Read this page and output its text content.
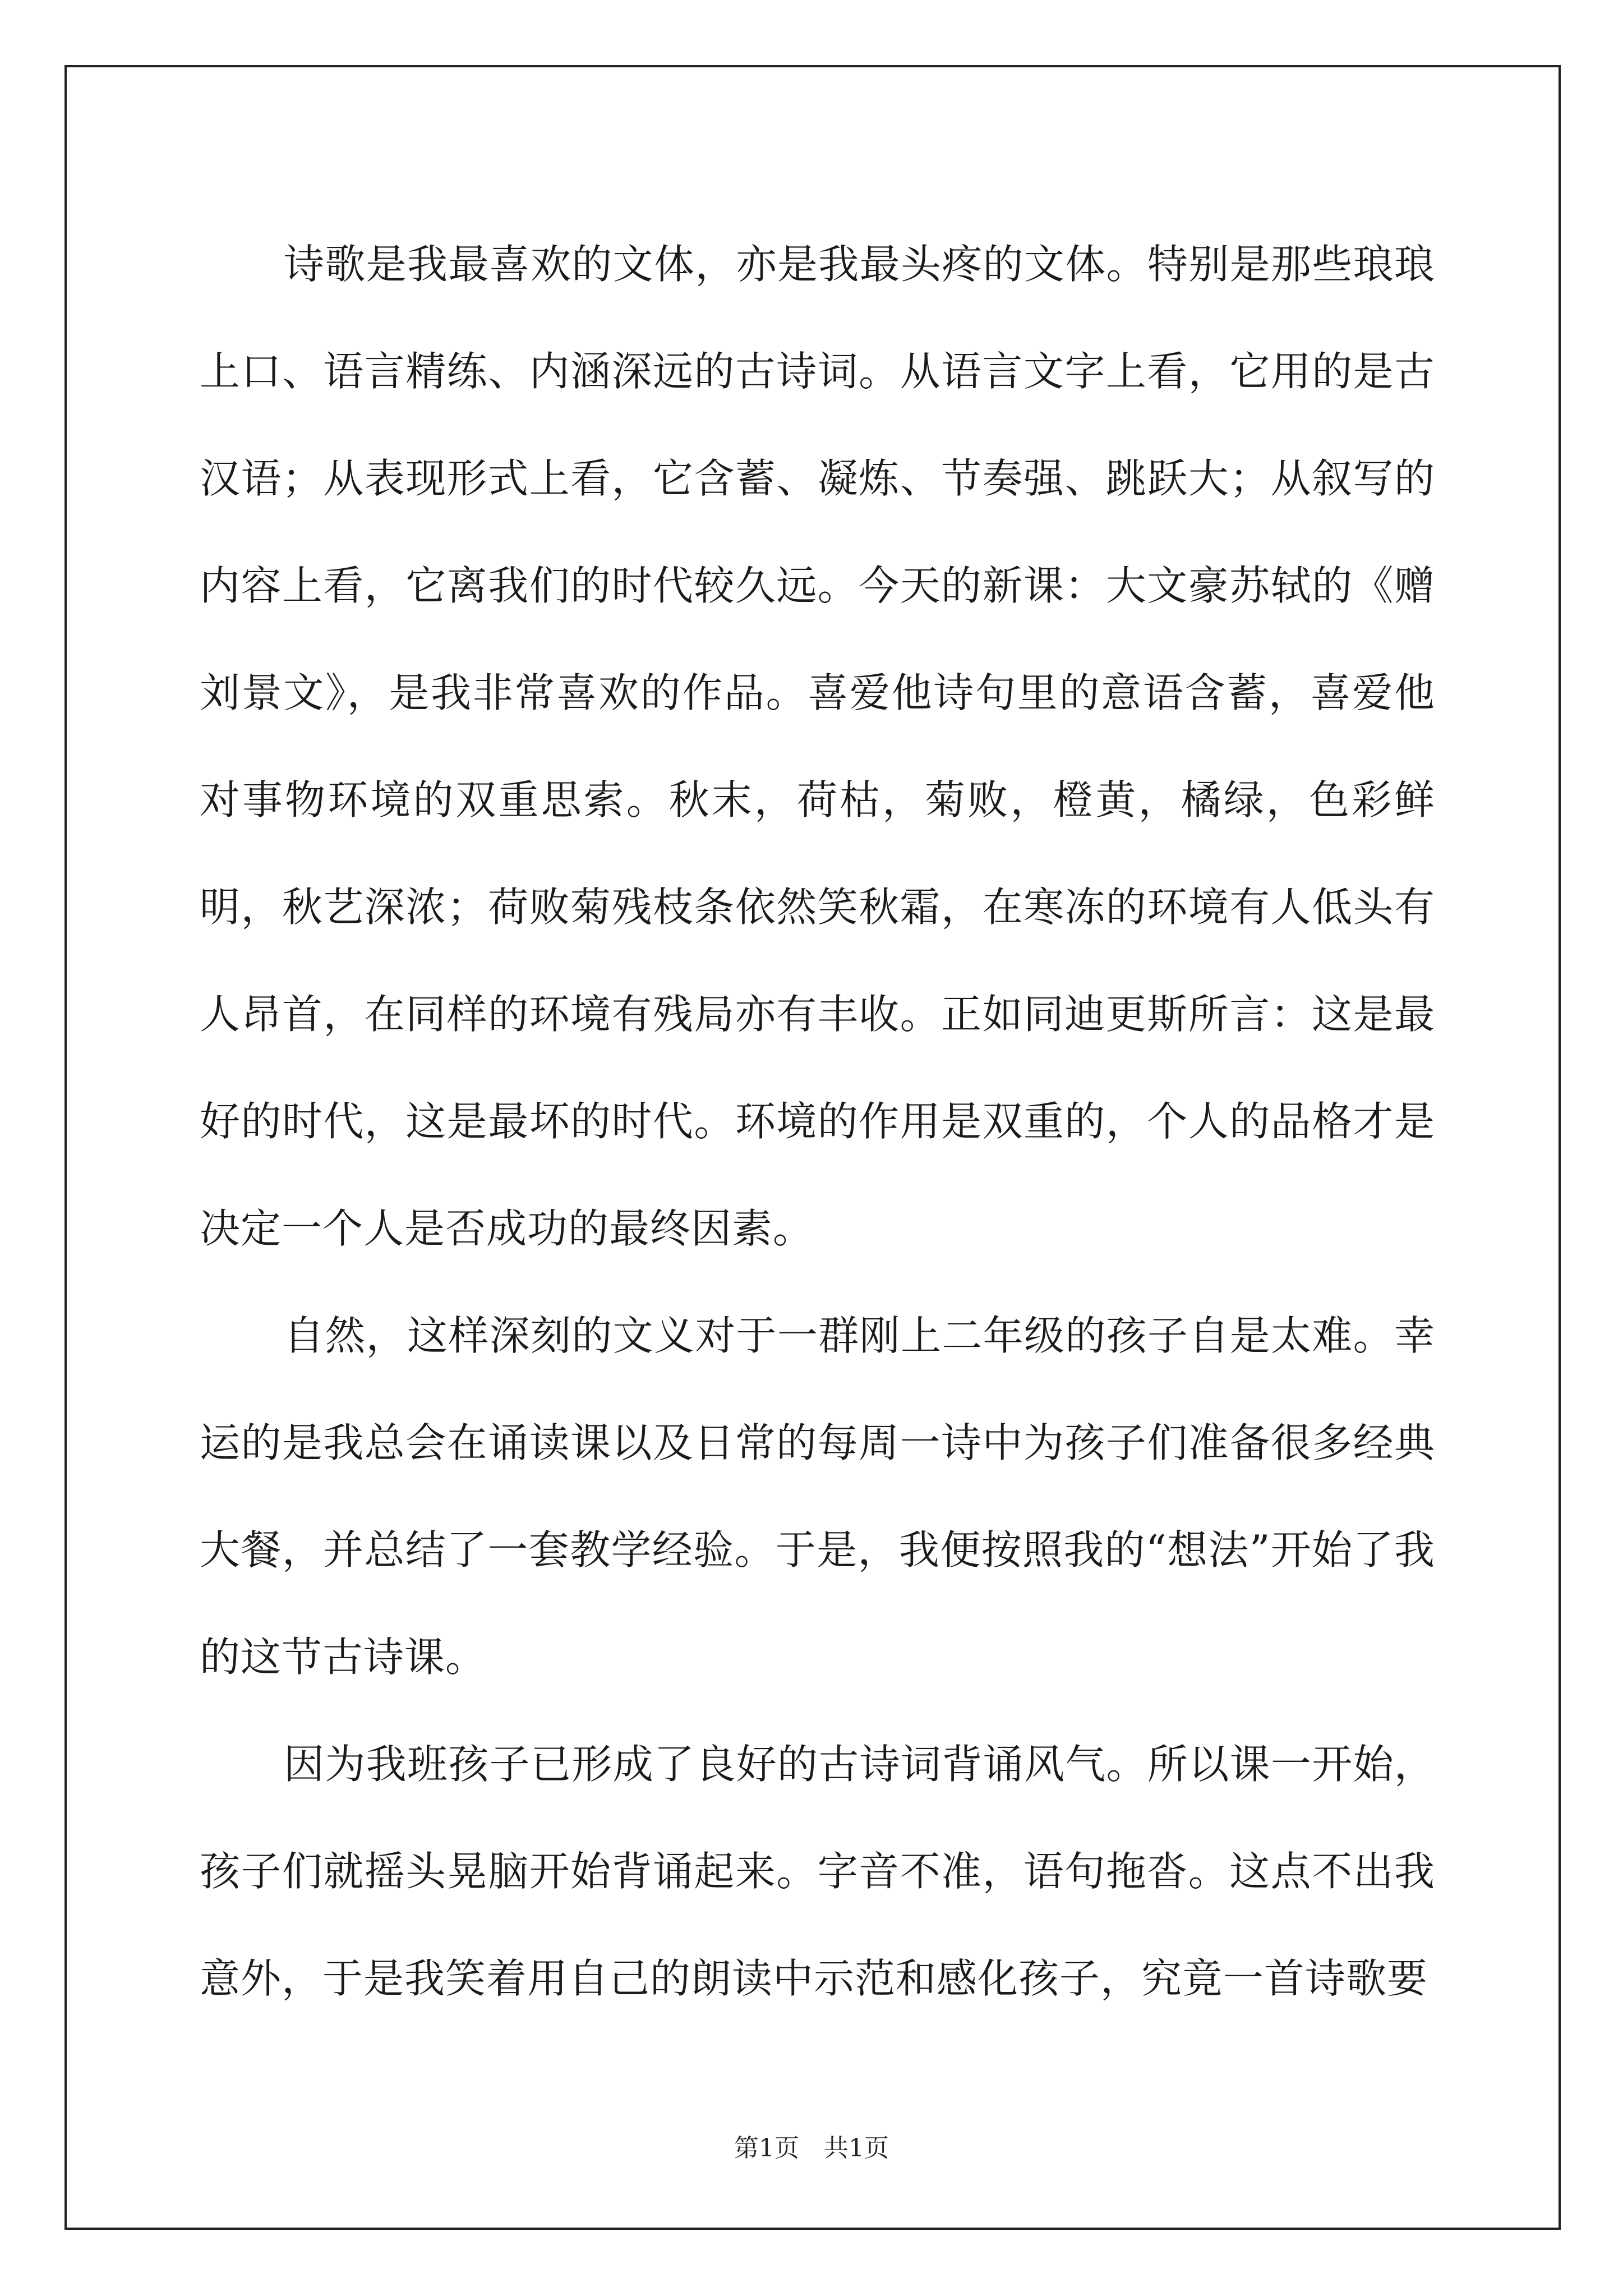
诗歌是我最喜欢的文体，亦是我最头疼的文体。特别是那些琅琅上口、语言精练、内涵深远的古诗词。从语言文字上看，它用的是古汉语；从表现形式上看，它含蓄、凝炼、节奏强、跳跃大；从叙写的内容上看，它离我们的时代较久远。今天的新课：大文豪苏轼的《赠刘景文》，是我非常喜欢的作品。喜爱他诗句里的意语含蓄，喜爱他对事物环境的双重思索。秋末，荷枯，菊败，橙黄，橘绿，色彩鲜明，秋艺深浓；荷败菊残枝条依然笑秋霜，在寒冻的环境有人低头有人昂首，在同样的环境有残局亦有丰收。正如同迪更斯所言：这是最好的时代，这是最坏的时代。环境的作用是双重的，个人的品格才是决定一个人是否成功的最终因素。

自然，这样深刻的文义对于一群刚上二年级的孩子自是太难。幸运的是我总会在诵读课以及日常的每周一诗中为孩子们准备很多经典大餐，并总结了一套教学经验。于是，我便按照我的“想法”开始了我的这节古诗课。

因为我班孩子已形成了良好的古诗词背诵风气。所以课一开始，孩子们就摇头晃脑开始背诵起来。字音不准，语句拖沓。这点不出我意外，于是我笑着用自己的朗读中示范和感化孩子，究竟一首诗歌要

第1页　共1页
